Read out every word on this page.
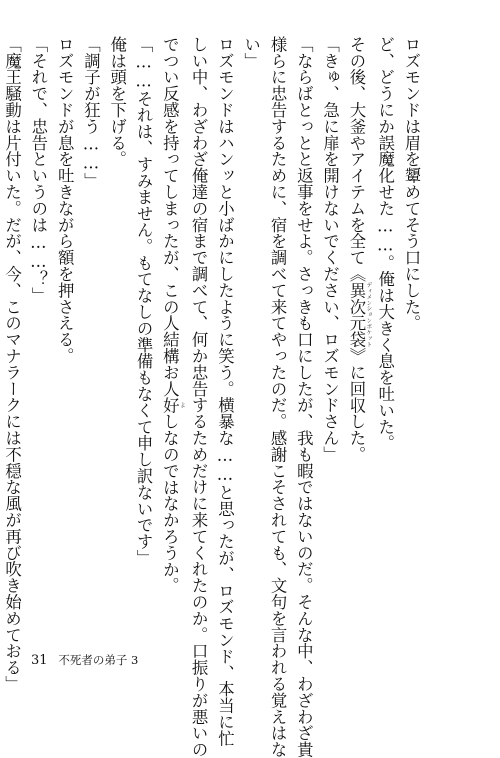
ロズモンドは眉を顰めてそう口にした。
ど、どうにか誤魔化せた……。俺は大きく息を吐いた。
その後、大釜やアイテムを全て《異次元袋 ディメンションポケット》に回収した。
「きゅ、急に扉を開けないでください、ロズモンドさん」
「ならばとっとと返事をせよ。さっきも口にしたが、我も暇ではないのだ。そんな中、わざわざ貴
様らに忠告するために、宿を調べて来てやったのだ。感謝こそされても、文句を言われる覚えはな
い」
ロズモンドはハンッと小ばかにしたように笑う。横暴な……と思ったが、ロズモンド、本当に忙
しい中、わざわざ俺達の宿まで調べて、何か忠告するためだけに来てくれたのか。口振りが悪いの
でつい反感を持ってしまったが、この人結構お人好 よしなのではなかろうか。
「……それは、すみません。もてなしの準備もなくて申し訳ないです」
俺は頭を下げる。
「調子が狂う……」
ロズモンドが息を吐きながら額を押さえる。
「それで、忠告というのは……？」
「魔王騒動は片付いた。だが、今、このマナラークには不穏な風が再び吹き始めておる」 31 不死者の弟子 3
